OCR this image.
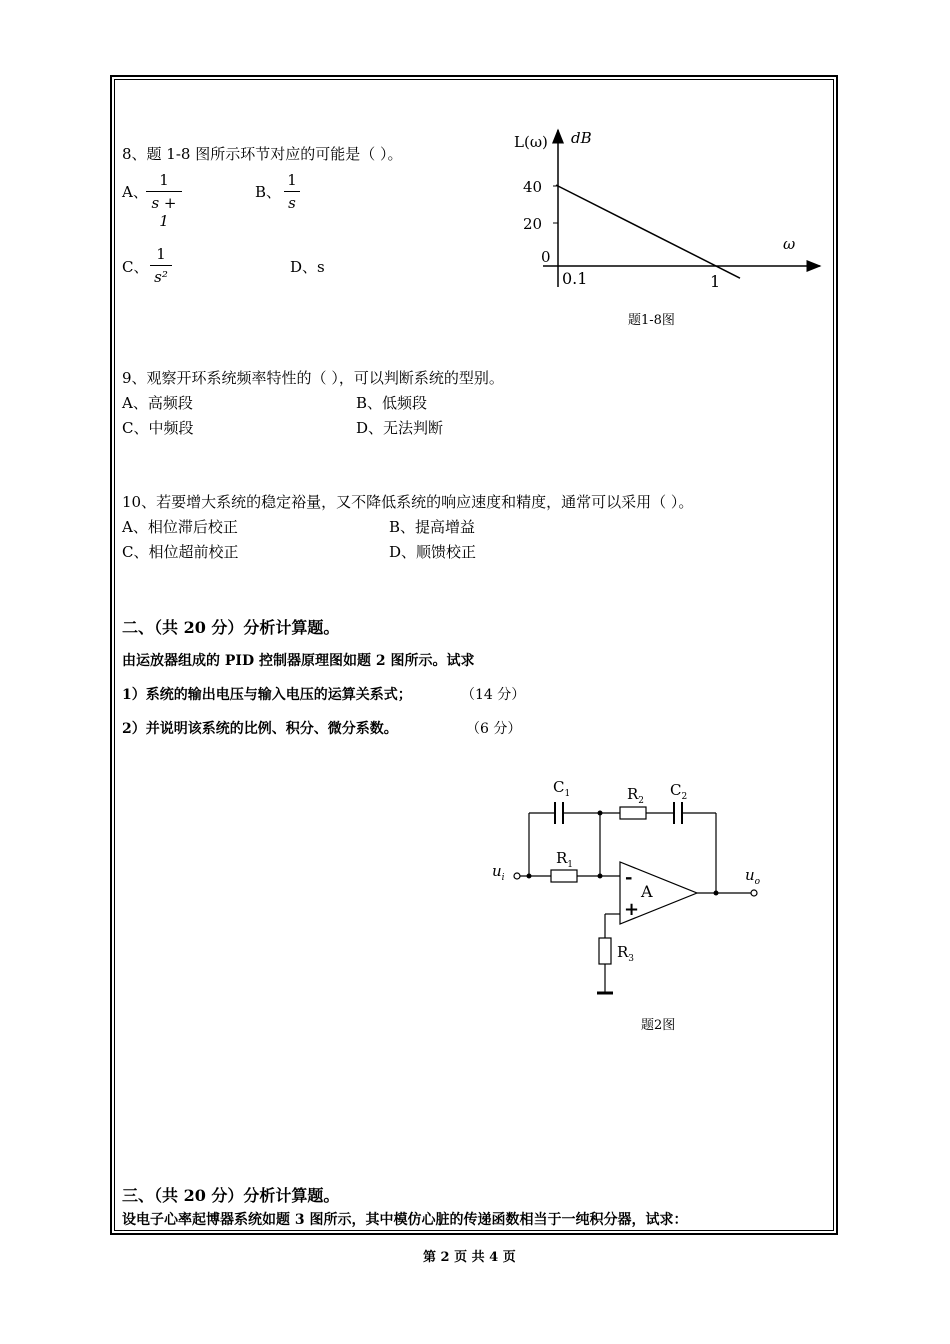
8、题 1-8 图所示环节对应的可能是（ ）。
A、
1
s + 1
B、
1
s
C、
1
s²
D、s
L(ω) dB
40
20
0
ω
0.1	1
题1-8图
9、观察开环系统频率特性的（ ），可以判断系统的型别。
A、高频段	B、低频段
C、中频段	D、无法判断
10、若要增大系统的稳定裕量，又不降低系统的响应速度和精度，通常可以采用（ ）。
A、相位滞后校正	B、提高增益
C、相位超前校正	D、顺馈校正
二、（共 20 分）分析计算题。
由运放器组成的 PID 控制器原理图如题 2 图所示。试求
1）系统的输出电压与输入电压的运算关系式；	（14 分）
2）并说明该系统的比例、积分、微分系数。	（6 分）
$C_1$	$R_2$
$C_2$
$R_1$
$R_3$
$u_i$	$u_o$
A
-
+
题2图
三、（共 20 分）分析计算题。
设电子心率起博器系统如题 3 图所示，其中模仿心脏的传递函数相当于一纯积分器，试求：
第 2 页 共 4 页
